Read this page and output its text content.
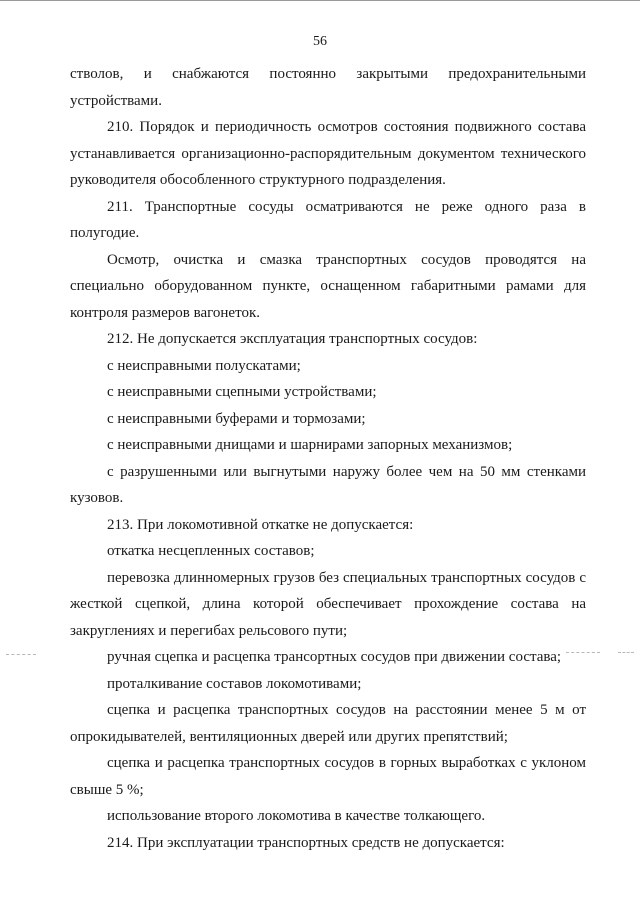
56

стволов, и снабжаются постоянно закрытыми предохранительными устройствами.

210. Порядок и периодичность осмотров состояния подвижного состава устанавливается организационно-распорядительным документом технического руководителя обособленного структурного подразделения.

211. Транспортные сосуды осматриваются не реже одного раза в полугодие.

Осмотр, очистка и смазка транспортных сосудов проводятся на специально оборудованном пункте, оснащенном габаритными рамами для контроля размеров вагонеток.

212. Не допускается эксплуатация транспортных сосудов:

с неисправными полускатами;

с неисправными сцепными устройствами;

с неисправными буферами и тормозами;

с неисправными днищами и шарнирами запорных механизмов;

с разрушенными или выгнутыми наружу более чем на 50 мм стенками кузовов.

213. При локомотивной откатке не допускается:

откатка несцепленных составов;

перевозка длинномерных грузов без специальных транспортных сосудов с жесткой сцепкой, длина которой обеспечивает прохождение состава на закруглениях и перегибах рельсового пути;

ручная сцепка и расцепка трансортных сосудов при движении состава;

проталкивание составов локомотивами;

сцепка и расцепка транспортных сосудов на расстоянии менее 5 м от опрокидывателей, вентиляционных дверей или других препятствий;

сцепка и расцепка транспортных сосудов в горных выработках с уклоном свыше 5 %;

использование второго локомотива в качестве толкающего.

214. При эксплуатации транспортных средств не допускается:
